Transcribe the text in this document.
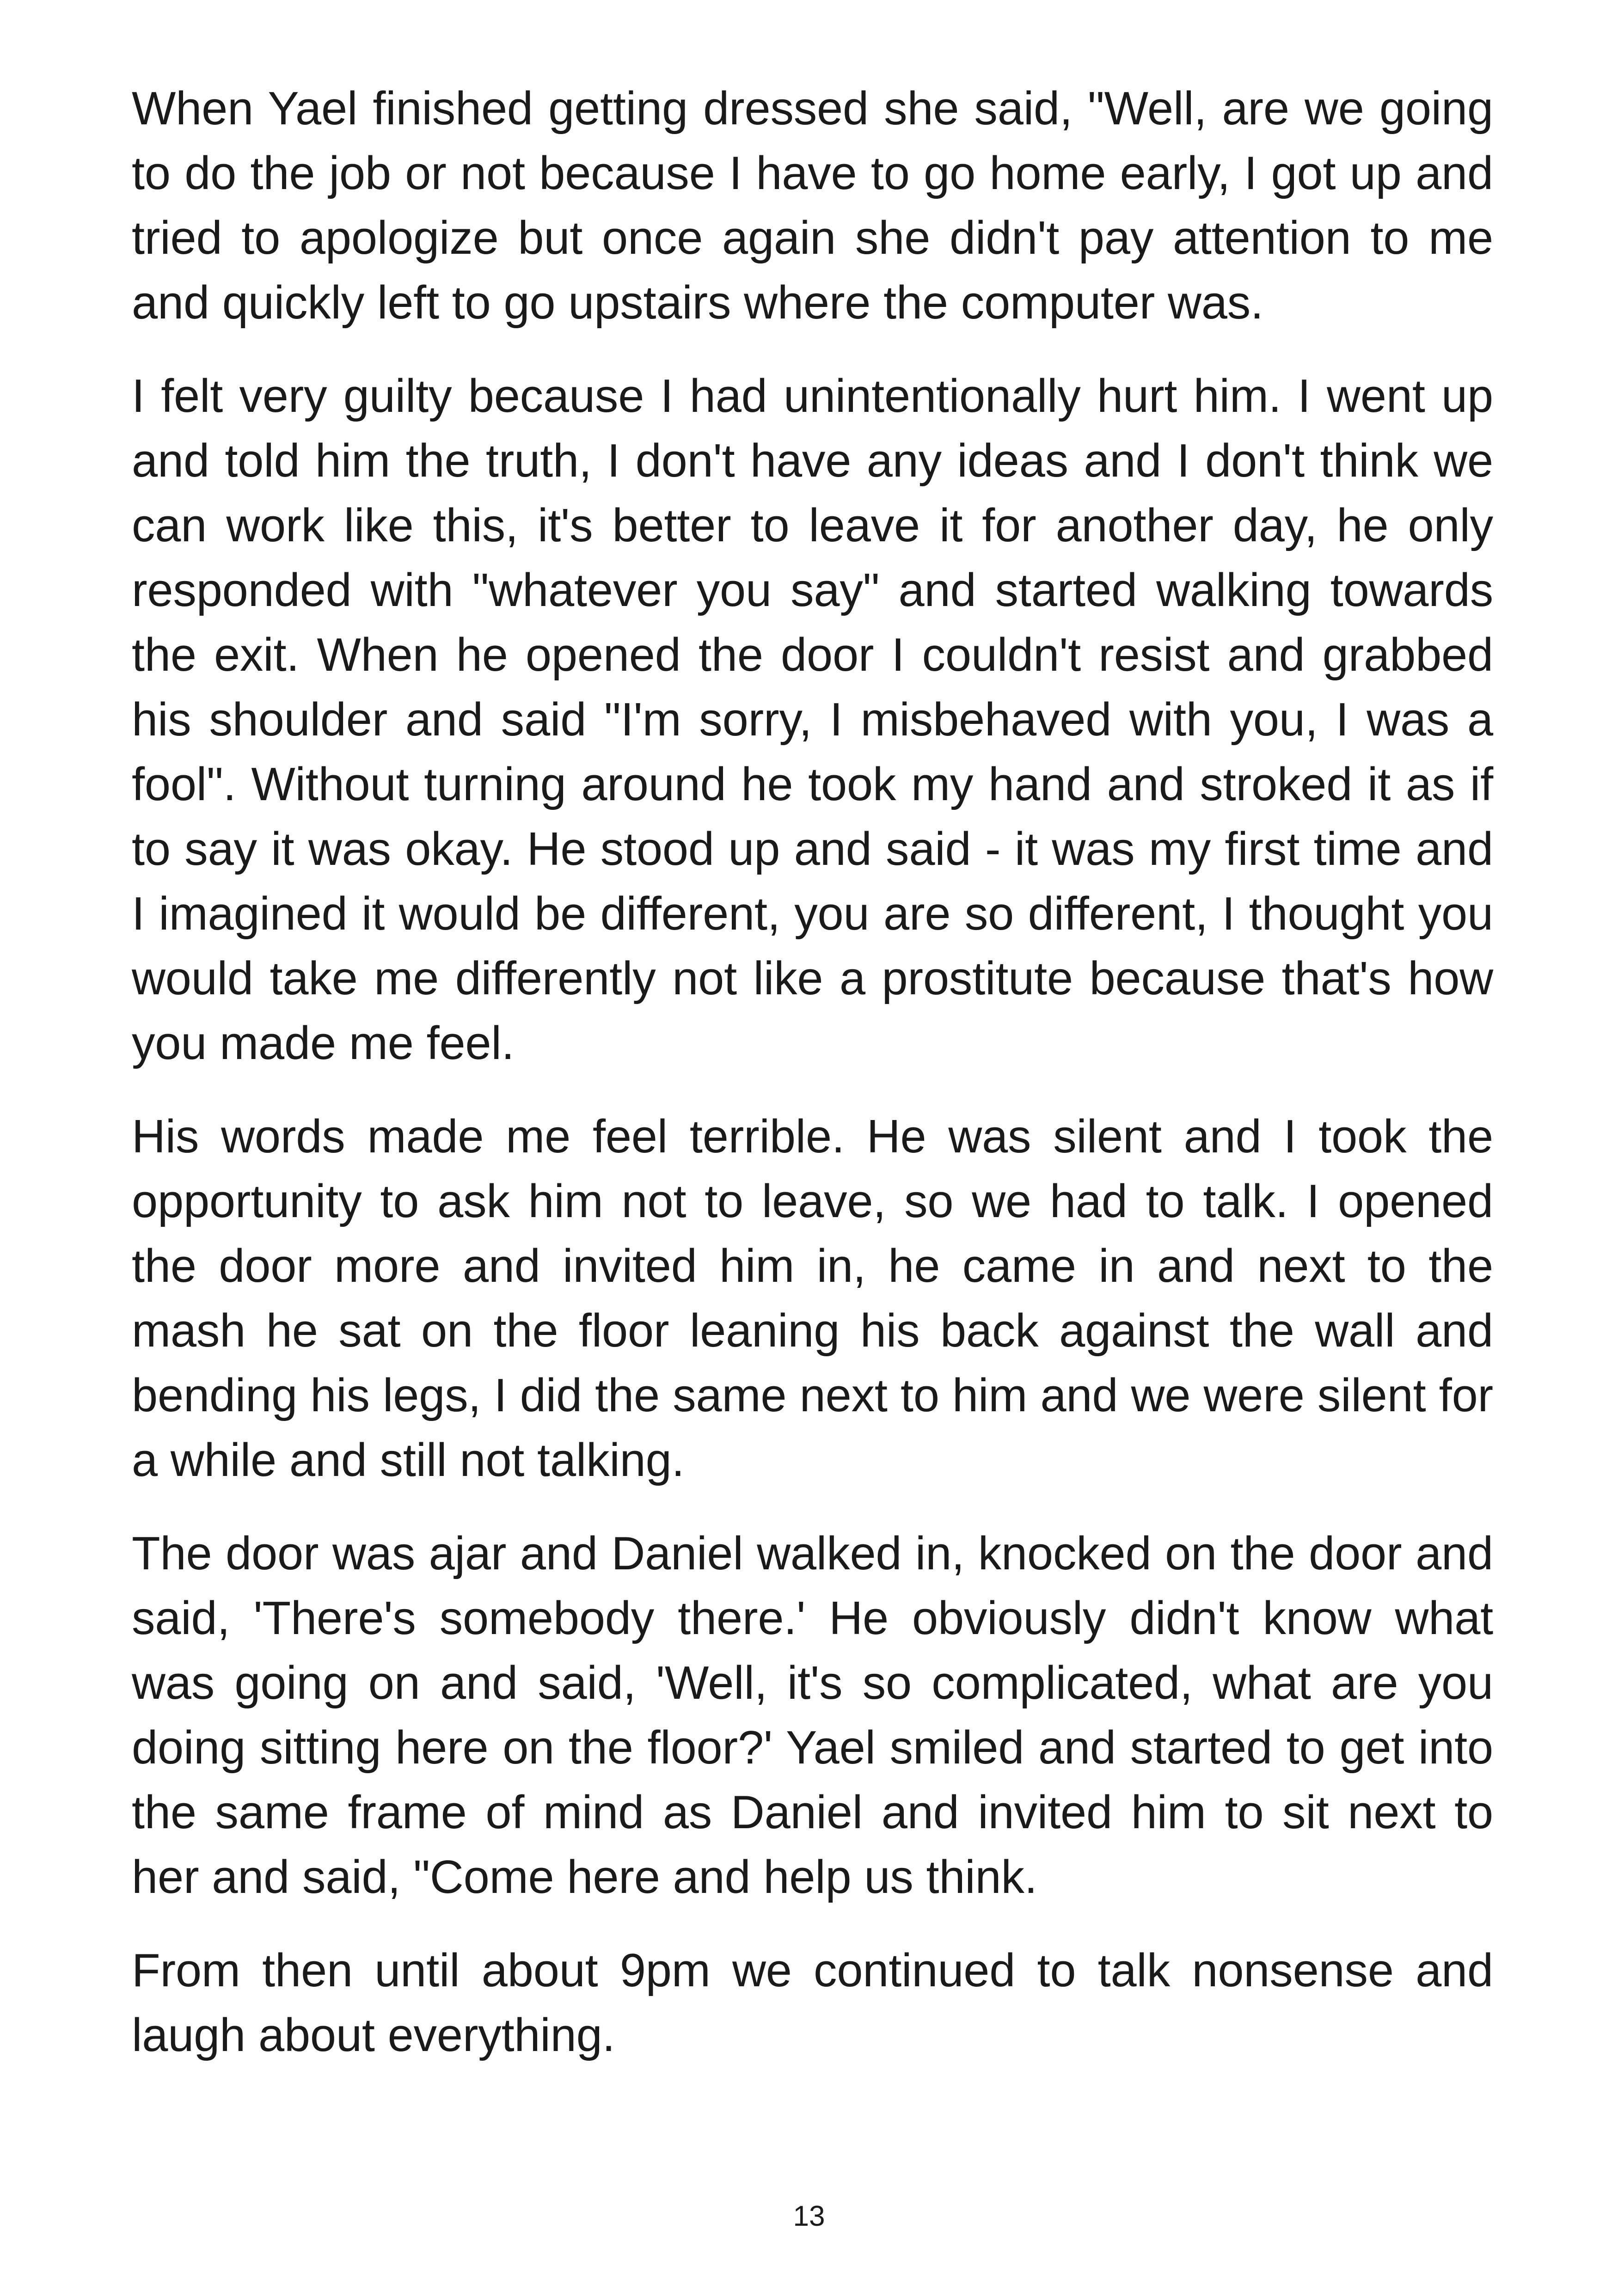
When Yael finished getting dressed she said, "Well, are we going to do the job or not because I have to go home early, I got up and tried to apologize but once again she didn't pay attention to me and quickly left to go upstairs where the computer was.

I felt very guilty because I had unintentionally hurt him. I went up and told him the truth, I don't have any ideas and I don't think we can work like this, it's better to leave it for another day, he only responded with "whatever you say" and started walking towards the exit. When he opened the door I couldn't resist and grabbed his shoulder and said "I'm sorry, I misbehaved with you, I was a fool". Without turning around he took my hand and stroked it as if to say it was okay. He stood up and said - it was my first time and I imagined it would be different, you are so different, I thought you would take me differently not like a prostitute because that's how you made me feel.

His words made me feel terrible. He was silent and I took the opportunity to ask him not to leave, so we had to talk. I opened the door more and invited him in, he came in and next to the mash he sat on the floor leaning his back against the wall and bending his legs, I did the same next to him and we were silent for a while and still not talking.

The door was ajar and Daniel walked in, knocked on the door and said, 'There's somebody there.' He obviously didn't know what was going on and said, 'Well, it's so complicated, what are you doing sitting here on the floor?' Yael smiled and started to get into the same frame of mind as Daniel and invited him to sit next to her and said, "Come here and help us think.

From then until about 9pm we continued to talk nonsense and laugh about everything.

13
